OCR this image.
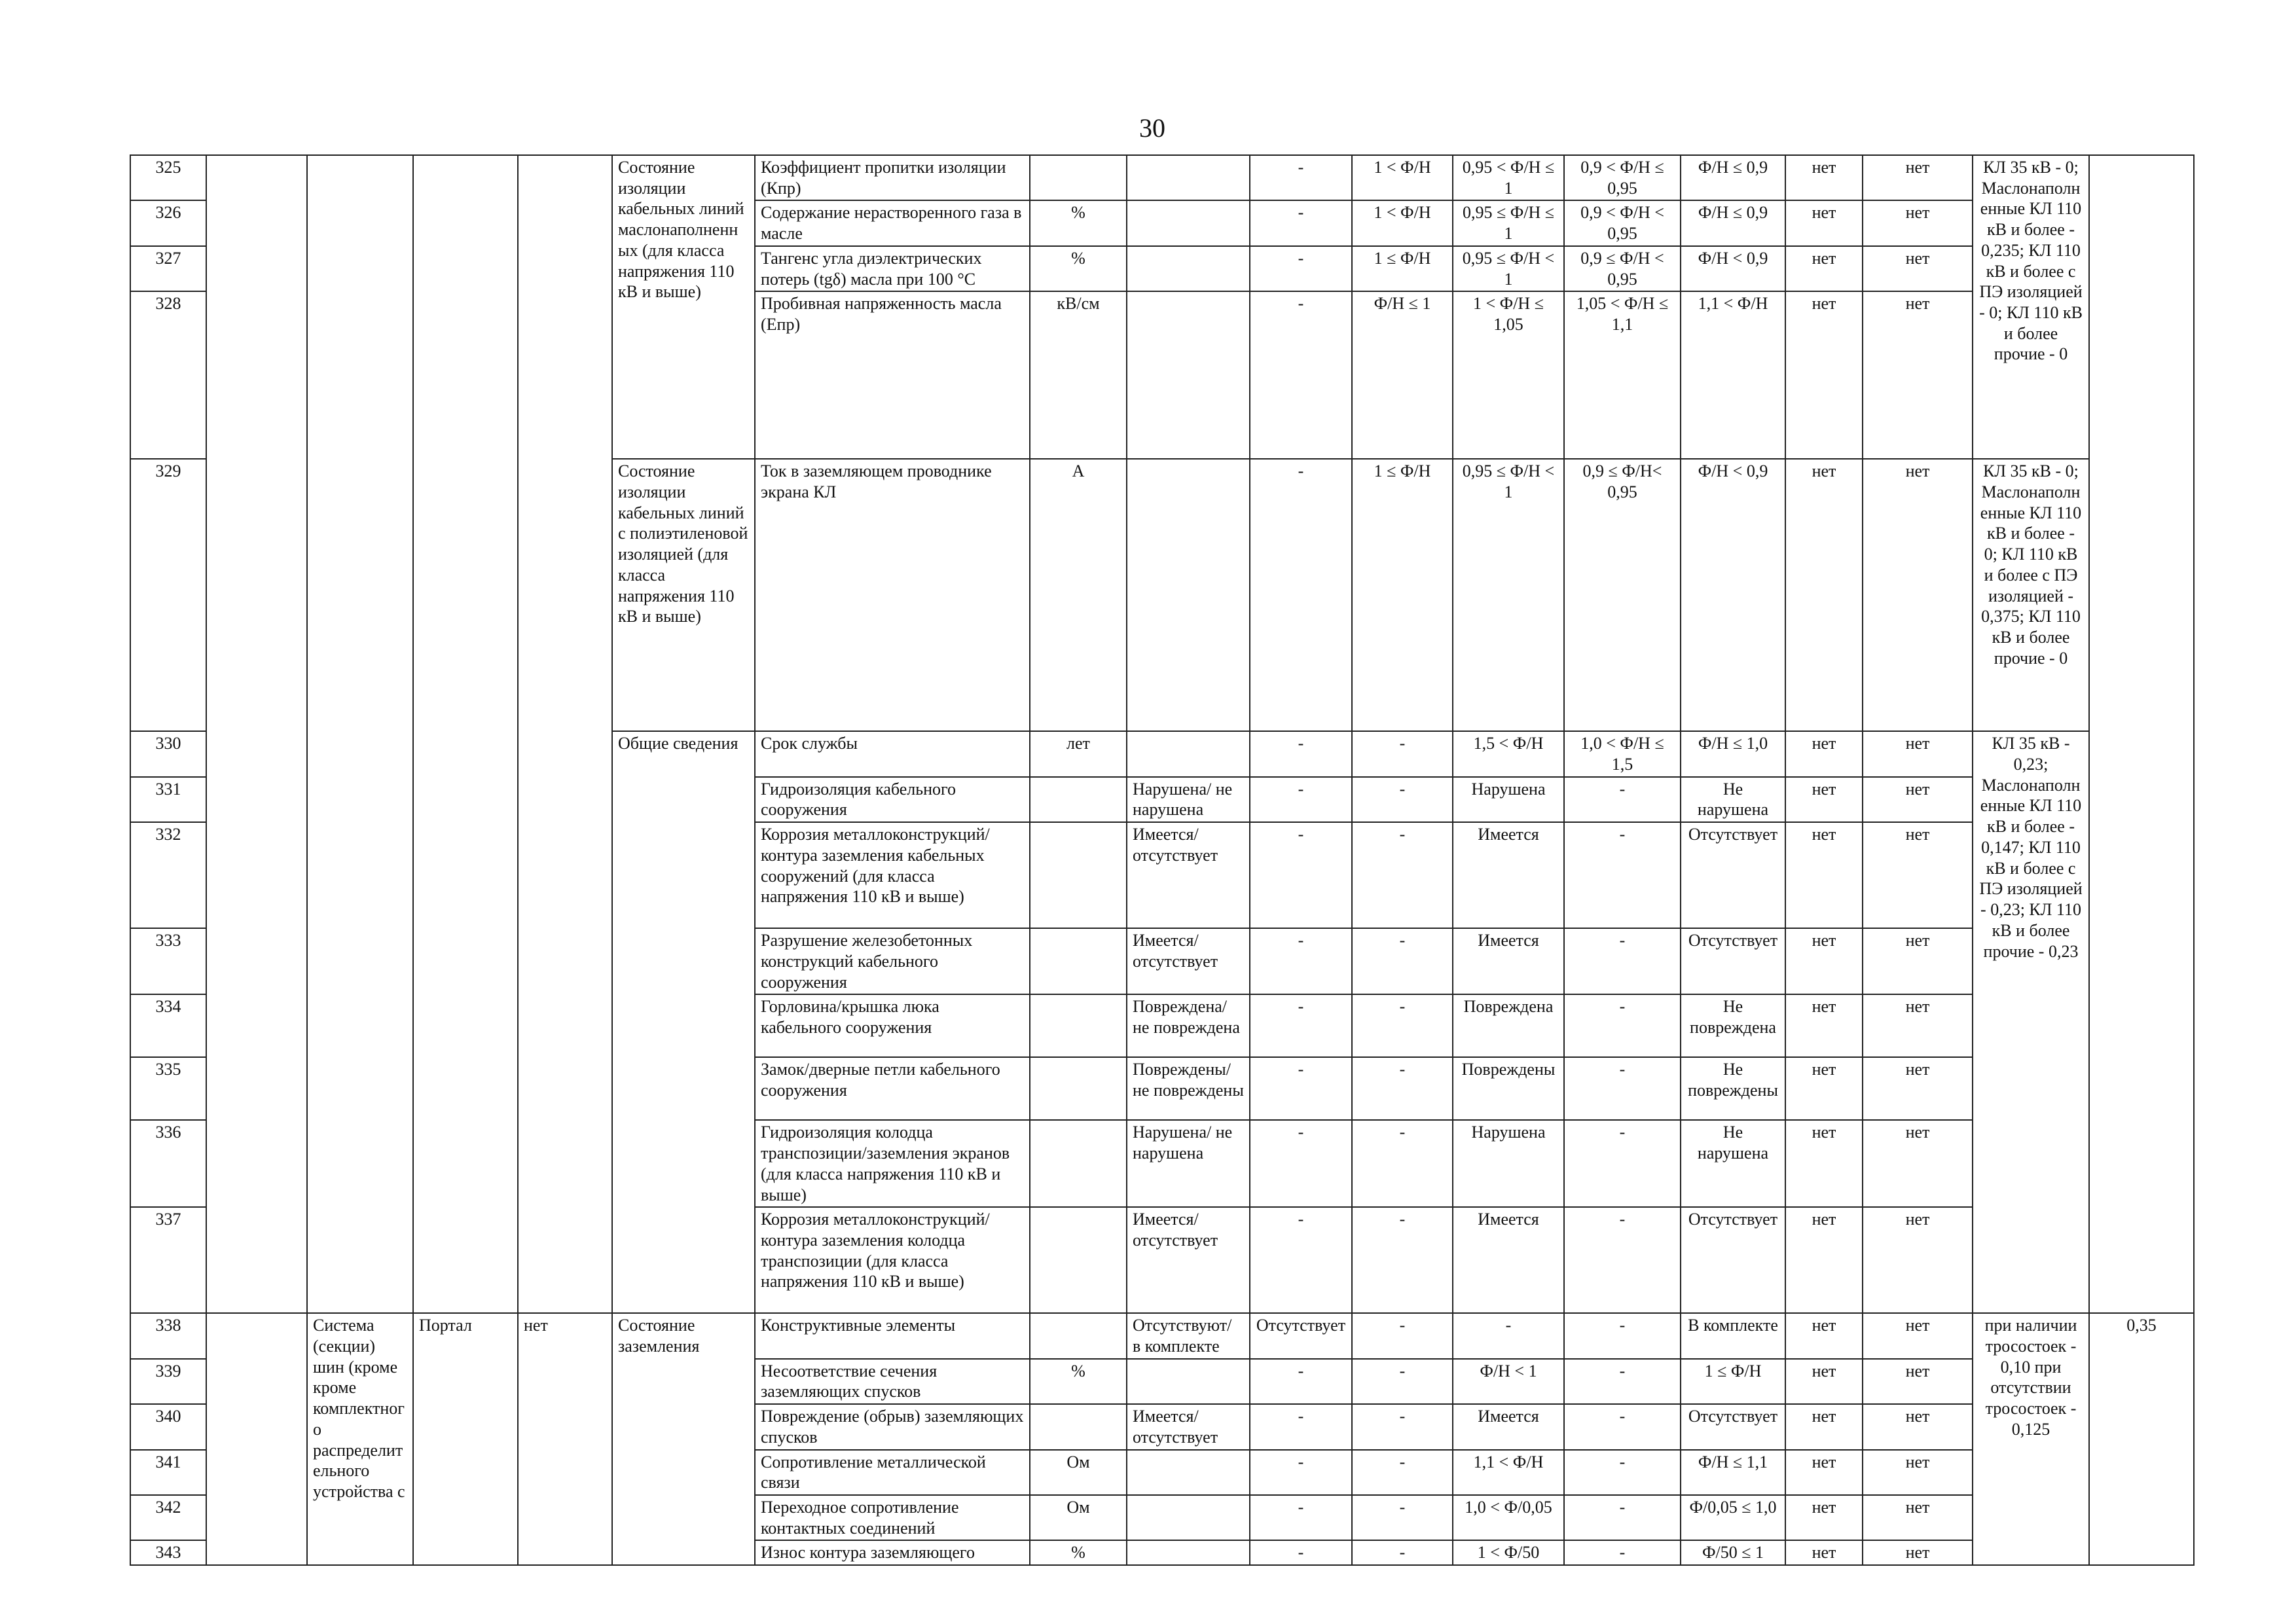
30
325					Состояние изоляции кабельных линий маслонаполненных (для класса напряжения 110 кВ и выше)	Коэффициент пропитки изоляции (Кпр)			-	1 < Ф/Н	0,95 < Ф/Н ≤ 1	0,9 < Ф/Н ≤ 0,95	Ф/Н ≤ 0,9	нет	нет	КЛ 35 кВ - 0; Маслонаполненные КЛ 110 кВ и более - 0,235; КЛ 110 кВ и более с ПЭ изоляцией - 0; КЛ 110 кВ и более прочие - 0	
326						Содержание нерастворенного газа в масле	%		-	1 < Ф/Н	0,95 ≤ Ф/Н ≤ 1	0,9 < Ф/Н < 0,95	Ф/Н ≤ 0,9	нет	нет		
327						Тангенс угла диэлектрических потерь (tgδ) масла при 100 °С	%		-	1 ≤ Ф/Н	0,95 ≤ Ф/Н < 1	0,9 ≤ Ф/Н < 0,95	Ф/Н < 0,9	нет	нет		
328						Пробивная напряженность масла (Епр)	кВ/см		-	Ф/Н ≤ 1	1 < Ф/Н ≤ 1,05	1,05 < Ф/Н ≤ 1,1	1,1 < Ф/Н	нет	нет		
329					Состояние изоляции кабельных линий с полиэтиленовой изоляцией (для класса напряжения 110 кВ и выше)	Ток в заземляющем проводнике экрана КЛ	А		-	1 ≤ Ф/Н	0,95 ≤ Ф/Н < 1	0,9 ≤ Ф/Н< 0,95	Ф/Н < 0,9	нет	нет	КЛ 35 кВ - 0; Маслонаполненные КЛ 110 кВ и более - 0; КЛ 110 кВ и более с ПЭ изоляцией - 0,375; КЛ 110 кВ и более прочие - 0	
330					Общие сведения	Срок службы	лет		-	-	1,5 < Ф/Н	1,0 < Ф/Н ≤ 1,5	Ф/Н ≤ 1,0	нет	нет	КЛ 35 кВ - 0,23; Маслонаполненные КЛ 110 кВ и более - 0,147; КЛ 110 кВ и более с ПЭ изоляцией - 0,23; КЛ 110 кВ и более прочие - 0,23	
331						Гидроизоляция кабельного сооружения		Нарушена/ не нарушена	-	-	Нарушена	-	Не нарушена	нет	нет		
332						Коррозия металлоконструкций/контура заземления кабельных сооружений (для класса напряжения 110 кВ и выше)		Имеется/ отсутствует	-	-	Имеется	-	Отсутствует	нет	нет		
333						Разрушение железобетонных конструкций кабельного сооружения		Имеется/ отсутствует	-	-	Имеется	-	Отсутствует	нет	нет		
334						Горловина/крышка люка кабельного сооружения		Повреждена/ не повреждена	-	-	Повреждена	-	Не повреждена	нет	нет		
335						Замок/дверные петли кабельного сооружения		Повреждены/ не повреждены	-	-	Повреждены	-	Не повреждены	нет	нет		
336						Гидроизоляция колодца транспозиции/заземления экранов (для класса напряжения 110 кВ и выше)		Нарушена/ не нарушена	-	-	Нарушена	-	Не нарушена	нет	нет		
337						Коррозия металлоконструкций/контура заземления колодца транспозиции (для класса напряжения 110 кВ и выше)		Имеется/ отсутствует	-	-	Имеется	-	Отсутствует	нет	нет		
338		Система (секции) шин (кроме кроме комплектного распределительного устройства с	Портал	нет	Состояние заземления	Конструктивные элементы		Отсутствуют/ в комплекте	Отсутствует	-	-	-	В комплекте	нет	нет	при наличии тросостоек - 0,10 при отсутствии тросостоек - 0,125	0,35
339						Несоответствие сечения заземляющих спусков	%		-	-	Ф/Н < 1	-	1 ≤ Ф/Н	нет	нет		
340						Повреждение (обрыв) заземляющих спусков		Имеется/ отсутствует	-	-	Имеется	-	Отсутствует	нет	нет		
341						Сопротивление металлической связи	Ом		-	-	1,1 < Ф/Н	-	Ф/Н ≤ 1,1	нет	нет		
342						Переходное сопротивление контактных соединений	Ом		-	-	1,0 < Ф/0,05	-	Ф/0,05 ≤ 1,0	нет	нет		
343						Износ контура заземляющего	%		-	-	1 < Ф/50	-	Ф/50 ≤ 1	нет	нет		
